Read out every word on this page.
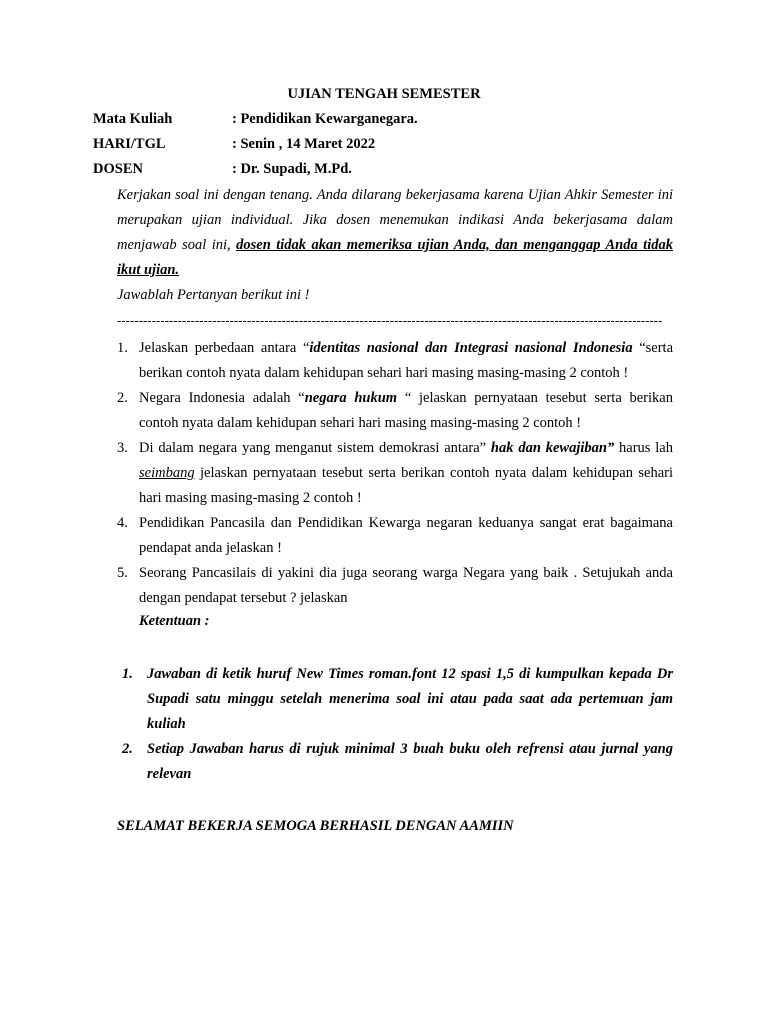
UJIAN TENGAH SEMESTER
Mata Kuliah	: Pendidikan Kewarganegara.
HARI/TGL	: Senin , 14 Maret 2022
DOSEN	: Dr. Supadi, M.Pd.
Kerjakan soal ini dengan tenang. Anda dilarang bekerjasama karena Ujian Ahkir Semester ini merupakan ujian individual. Jika dosen menemukan indikasi Anda bekerjasama dalam menjawab soal ini, dosen tidak akan memeriksa ujian Anda, dan menganggap Anda tidak ikut ujian.
Jawablah Pertanyan berikut ini !
------------------------------------------------------------------------------------------------------------------------------
1. Jelaskan perbedaan antara “identitas nasional dan Integrasi nasional Indonesia “serta berikan contoh nyata dalam kehidupan sehari hari masing masing-masing 2 contoh !
2. Negara Indonesia adalah “negara hukum “ jelaskan pernyataan tesebut serta berikan contoh nyata dalam kehidupan sehari hari masing masing-masing 2 contoh !
3. Di dalam negara yang menganut sistem demokrasi antara” hak dan kewajiban” harus lah seimbang jelaskan pernyataan tesebut serta berikan contoh nyata dalam kehidupan sehari hari masing masing-masing 2 contoh !
4. Pendidikan Pancasila dan Pendidikan Kewarga negaran keduanya sangat erat bagaimana pendapat anda jelaskan !
5. Seorang Pancasilais di yakini dia juga seorang warga Negara yang baik . Setujukah anda dengan pendapat tersebut ? jelaskan
Ketentuan :
1. Jawaban di ketik huruf New Times roman.font 12 spasi 1,5 di kumpulkan kepada Dr Supadi satu minggu setelah menerima soal ini atau pada saat ada pertemuan jam kuliah
2. Setiap Jawaban harus di rujuk minimal 3 buah buku oleh refrensi atau jurnal yang relevan
SELAMAT BEKERJA SEMOGA BERHASIL DENGAN AAMIIN
